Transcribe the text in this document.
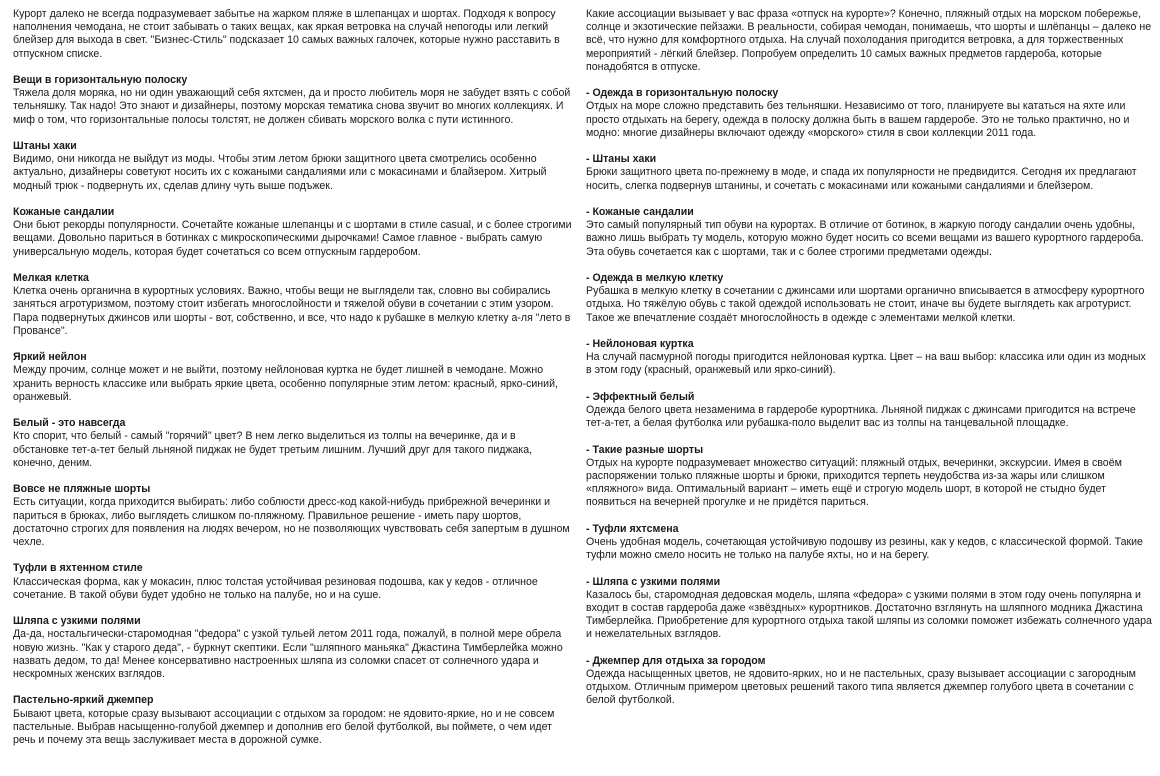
Курорт далеко не всегда подразумевает забытье на жарком пляже в шлепанцах и шортах. Подходя к вопросу наполнения чемодана, не стоит забывать о таких вещах, как яркая ветровка на случай непогоды или легкий блейзер для выхода в свет. "Бизнес-Стиль" подсказает 10 самых важных галочек, которые нужно расставить в отпускном списке.
Вещи в горизонтальную полоску
Тяжела доля моряка, но ни один уважающий себя яхтсмен, да и просто любитель моря не забудет взять с собой тельняшку. Так надо! Это знают и дизайнеры, поэтому морская тематика снова звучит во многих коллекциях. И миф о том, что горизонтальные полосы толстят, не должен сбивать морского волка с пути истинного.
Штаны хаки
Видимо, они никогда не выйдут из моды. Чтобы этим летом брюки защитного цвета смотрелись особенно актуально, дизайнеры советуют носить их с кожаными сандалиями или с мокасинами и блайзером. Хитрый модный трюк - подвернуть их, сделав длину чуть выше подъжек.
Кожаные сандалии
Они бьют рекорды популярности. Сочетайте кожаные шлепанцы и с шортами в стиле casual, и с более строгими вещами. Довольно париться в ботинках с микроскопическими дырочками! Самое главное - выбрать самую универсальную модель, которая будет сочетаться со всем отпускным гардеробом.
Мелкая клетка
Клетка очень органична в курортных условиях. Важно, чтобы вещи не выглядели так, словно вы собирались заняться агротуризмом, поэтому стоит избегать многослойности и тяжелой обуви в сочетании с этим узором. Пара подвернутых джинсов или шорты - вот, собственно, и все, что надо к рубашке в мелкую клетку а-ля "лето в Провансе".
Яркий нейлон
Между прочим, солнце может и не выйти, поэтому нейлоновая куртка не будет лишней в чемодане. Можно хранить верность классике или выбрать яркие цвета, особенно популярные этим летом: красный, ярко-синий, оранжевый.
Белый - это навсегда
Кто спорит, что белый - самый "горячий" цвет? В нем легко выделиться из толпы на вечеринке, да и в обстановке тет-а-тет белый льняной пиджак не будет третьим лишним. Лучший друг для такого пиджака, конечно, деним.
Вовсе не пляжные шорты
Есть ситуации, когда приходится выбирать: либо соблюсти дресс-код какой-нибудь прибрежной вечеринки и париться в брюках, либо выглядеть слишком по-пляжному. Правильное решение - иметь пару шортов, достаточно строгих для появления на людях вечером, но не позволяющих чувствовать себя запертым в душном чехле.
Туфли в яхтенном стиле
Классическая форма, как у мокасин, плюс толстая устойчивая резиновая подошва, как у кедов - отличное сочетание. В такой обуви будет удобно не только на палубе, но и на суше.
Шляпа с узкими полями
Да-да, ностальгически-старомодная "федора" с узкой тульей летом 2011 года, пожалуй, в полной мере обрела новую жизнь. "Как у старого деда", - буркнут скептики. Если "шляпного маньяка" Джастина Тимберлейка можно назвать дедом, то да! Менее консервативно настроенных шляпа из соломки спасет от солнечного удара и нескромных женских взглядов.
Пастельно-яркий джемпер
Бывают цвета, которые сразу вызывают ассоциации с отдыхом за городом: не ядовито-яркие, но и не совсем пастельные. Выбрав насыщенно-голубой джемпер и дополнив его белой футболкой, вы поймете, о чем идет речь и почему эта вещь заслуживает места в дорожной сумке.
Какие ассоциации вызывает у вас фраза «отпуск на курорте»? Конечно, пляжный отдых на морском побережье, солнце и экзотические пейзажи. В реальности, собирая чемодан, понимаешь, что шорты и шлёпанцы – далеко не всё, что нужно для комфортного отдыха. На случай похолодания пригодится ветровка, а для торжественных мероприятий - лёгкий блейзер. Попробуем определить 10 самых важных предметов гардероба, которые понадобятся в отпуске.
- Одежда в горизонтальную полоску
Отдых на море сложно представить без тельняшки. Независимо от того, планируете вы кататься на яхте или просто отдыхать на берегу, одежда в полоску должна быть в вашем гардеробе. Это не только практично, но и модно: многие дизайнеры включают одежду «морского» стиля в свои коллекции 2011 года.
- Штаны хаки
Брюки защитного цвета по-прежнему в моде, и спада их популярности не предвидится. Сегодня их предлагают носить, слегка подвернув штанины, и сочетать с мокасинами или кожаными сандалиями и блейзером.
- Кожаные сандалии
Это самый популярный тип обуви на курортах. В отличие от ботинок, в жаркую погоду сандалии очень удобны, важно лишь выбрать ту модель, которую можно будет носить со всеми вещами из вашего курортного гардероба. Эта обувь сочетается как с шортами, так и с более строгими предметами одежды.
- Одежда в мелкую клетку
Рубашка в мелкую клетку в сочетании с джинсами или шортами органично вписывается в атмосферу курортного отдыха. Но тяжёлую обувь с такой одеждой использовать не стоит, иначе вы будете выглядеть как агротурист. Такое же впечатление создаёт многослойность в одежде с элементами мелкой клетки.
- Нейлоновая куртка
На случай пасмурной погоды пригодится нейлоновая куртка. Цвет – на ваш выбор: классика или один из модных в этом году (красный, оранжевый или ярко-синий).
- Эффектный белый
Одежда белого цвета незаменима в гардеробе курортника. Льняной пиджак с джинсами пригодится на встрече тет-а-тет, а белая футболка или рубашка-поло выделит вас из толпы на танцевальной площадке.
- Такие разные шорты
Отдых на курорте подразумевает множество ситуаций: пляжный отдых, вечеринки, экскурсии. Имея в своём распоряжении только пляжные шорты и брюки, приходится терпеть неудобства из-за жары или слишком «пляжного» вида. Оптимальный вариант – иметь ещё и строгую модель шорт, в которой не стыдно будет появиться на вечерней прогулке и не придётся париться.
- Туфли яхтсмена
Очень удобная модель, сочетающая устойчивую подошву из резины, как у кедов, с классической формой. Такие туфли можно смело носить не только на палубе яхты, но и на берегу.
- Шляпа с узкими полями
Казалось бы, старомодная дедовская модель, шляпа «федора» с узкими полями в этом году очень популярна и входит в состав гардероба даже «звёздных» курортников. Достаточно взглянуть на шляпного модника Джастина Тимберлейка. Приобретение для курортного отдыха такой шляпы из соломки поможет избежать солнечного удара и нежелательных взглядов.
- Джемпер для отдыха за городом
Одежда насыщенных цветов, не ядовито-ярких, но и не пастельных, сразу вызывает ассоциации с загородным отдыхом. Отличным примером цветовых решений такого типа является джемпер голубого цвета в сочетании с белой футболкой.
